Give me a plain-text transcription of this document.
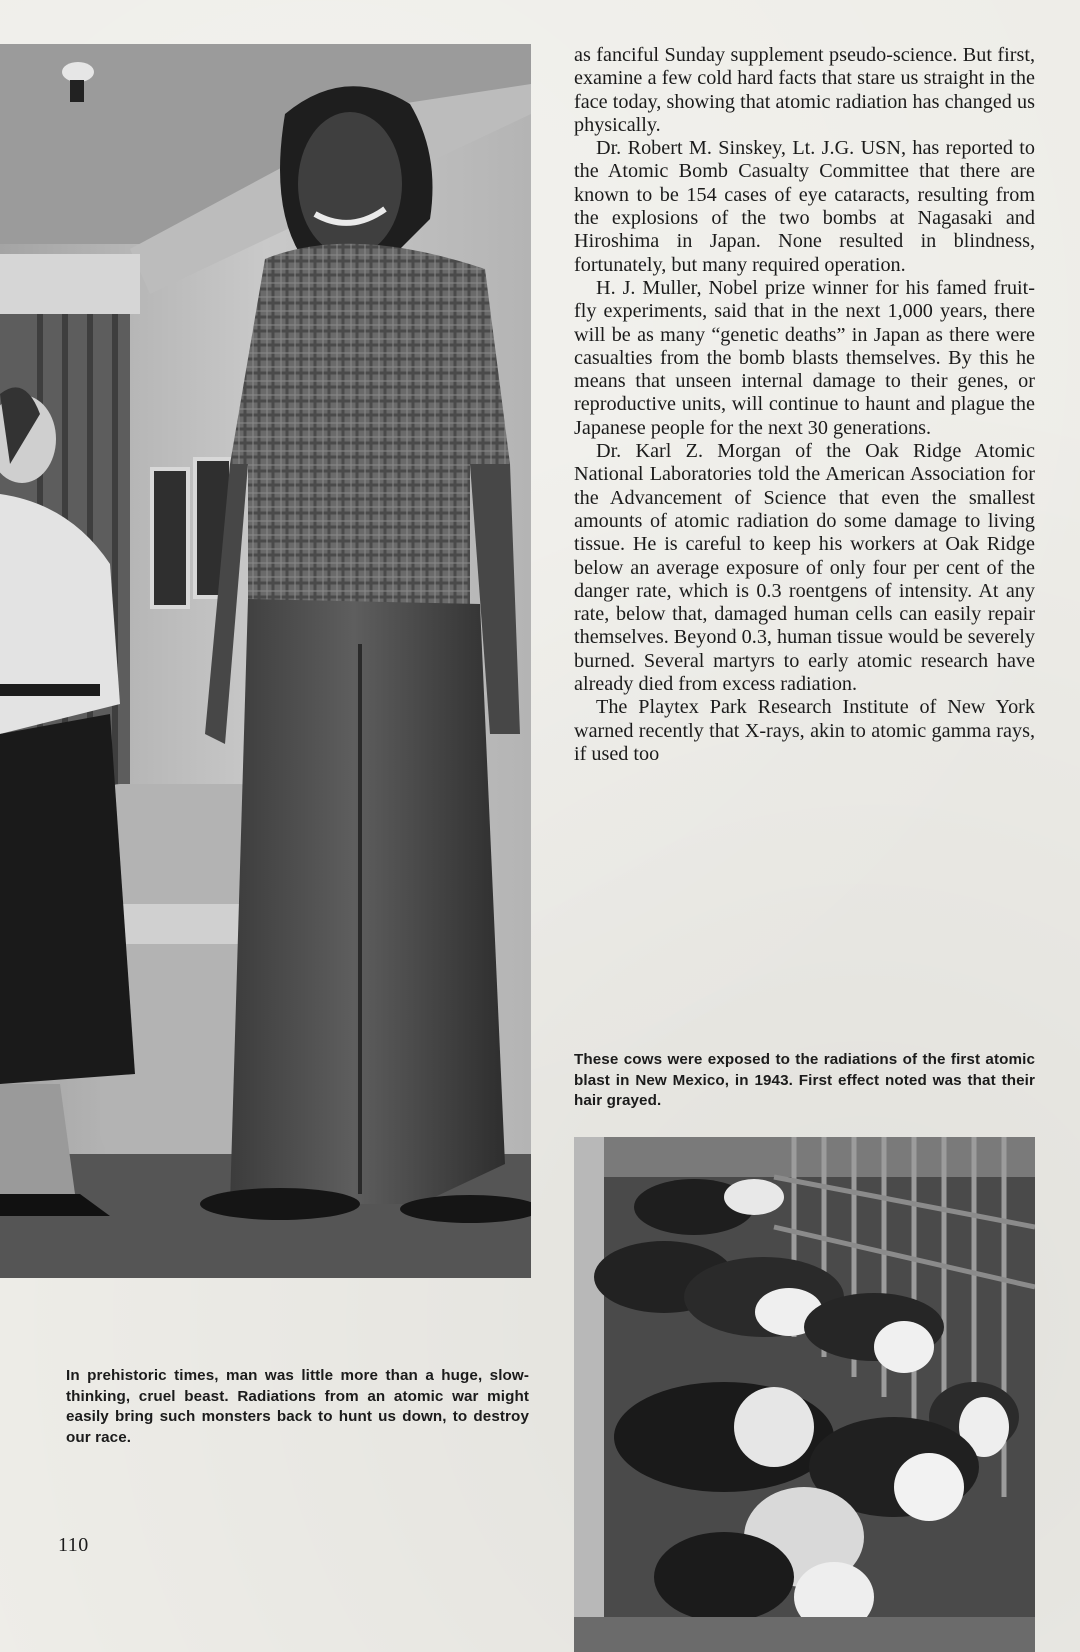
as fanciful Sunday supplement pseudo-science. But first, examine a few cold hard facts that stare us straight in the face today, showing that atomic radiation has changed us physically.

Dr. Robert M. Sinskey, Lt. J.G. USN, has reported to the Atomic Bomb Casualty Committee that there are known to be 154 cases of eye cataracts, resulting from the explosions of the two bombs at Nagasaki and Hiroshima in Japan. None resulted in blindness, fortunately, but many required operation.

H. J. Muller, Nobel prize winner for his famed fruit-fly experiments, said that in the next 1,000 years, there will be as many “genetic deaths” in Japan as there were casualties from the bomb blasts themselves. By this he means that unseen internal damage to their genes, or reproductive units, will continue to haunt and plague the Japanese people for the next 30 generations.

Dr. Karl Z. Morgan of the Oak Ridge Atomic National Laboratories told the American Association for the Advancement of Science that even the smallest amounts of atomic radiation do some damage to living tissue. He is careful to keep his workers at Oak Ridge below an average exposure of only four per cent of the danger rate, which is 0.3 roentgens of intensity. At any rate, below that, damaged human cells can easily repair themselves. Beyond 0.3, human tissue would be severely burned. Several martyrs to early atomic research have already died from excess radiation.

The Playtex Park Research Institute of New York warned recently that X-rays, akin to atomic gamma rays, if used too

These cows were exposed to the radiations of the first atomic blast in New Mexico, in 1943. First effect noted was that their hair grayed.
In prehistoric times, man was little more than a huge, slow-thinking, cruel beast. Radiations from an atomic war might easily bring such monsters back to hunt us down, to destroy our race.
110
